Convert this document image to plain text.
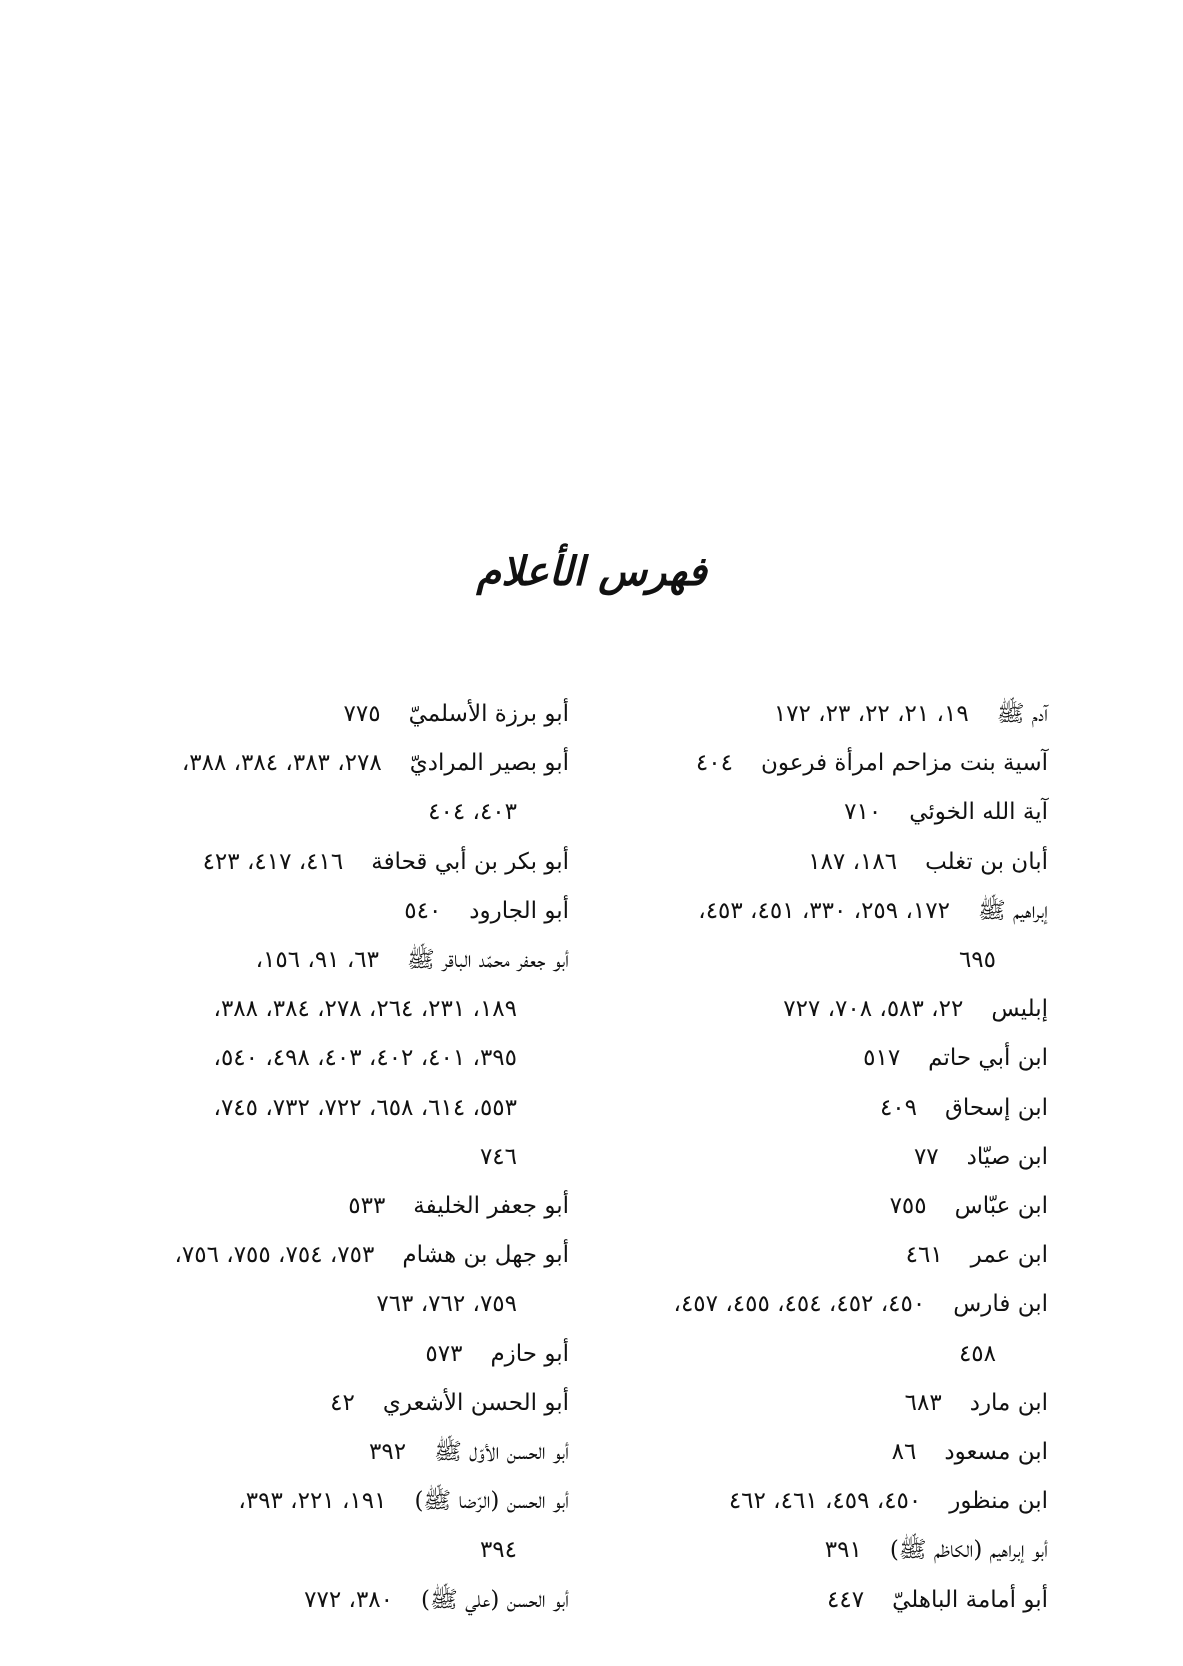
فهرس الأعلام
آدم ﷺ١٩، ٢١، ٢٢، ٢٣، ١٧٢
آسية بنت مزاحم امرأة فرعون٤٠٤
آية الله الخوئي٧١٠
أبان بن تغلب١٨٦، ١٨٧
إبراهيم ﷺ١٧٢، ٢٥٩، ٣٣٠، ٤٥١، ٤٥٣،
٦٩٥
إبليس٢٢، ٥٨٣، ٧٠٨، ٧٢٧
ابن أبي حاتم٥١٧
ابن إسحاق٤٠٩
ابن صيّاد٧٧
ابن عبّاس٧٥٥
ابن عمر٤٦١
ابن فارس٤٥٠، ٤٥٢، ٤٥٤، ٤٥٥، ٤٥٧،
٤٥٨
ابن مارد٦٨٣
ابن مسعود٨٦
ابن منظور٤٥٠، ٤٥٩، ٤٦١، ٤٦٢
أبو إبراهيم (الكاظم ﷺ)٣٩١
أبو أمامة الباهليّ٤٤٧
أبو برزة الأسلميّ٧٧٥
أبو بصير المراديّ٢٧٨، ٣٨٣، ٣٨٤، ٣٨٨،
٤٠٣، ٤٠٤
أبو بكر بن أبي قحافة٤١٦، ٤١٧، ٤٢٣
أبو الجارود٥٤٠
أبو جعفر محمّد الباقر ﷺ٦٣، ٩١، ١٥٦،
١٨٩، ٢٣١، ٢٦٤، ٢٧٨، ٣٨٤، ٣٨٨،
٣٩٥، ٤٠١، ٤٠٢، ٤٠٣، ٤٩٨، ٥٤٠،
٥٥٣، ٦١٤، ٦٥٨، ٧٢٢، ٧٣٢، ٧٤٥،
٧٤٦
أبو جعفر الخليفة٥٣٣
أبو جهل بن هشام٧٥٣، ٧٥٤، ٧٥٥، ٧٥٦،
٧٥٩، ٧٦٢، ٧٦٣
أبو حازم٥٧٣
أبو الحسن الأشعري٤٢
أبو الحسن الأوّل ﷺ٣٩٢
أبو الحسن (الرّضا ﷺ)١٩١، ٢٢١، ٣٩٣،
٣٩٤
أبو الحسن (علي ﷺ)٣٨٠، ٧٧٢
